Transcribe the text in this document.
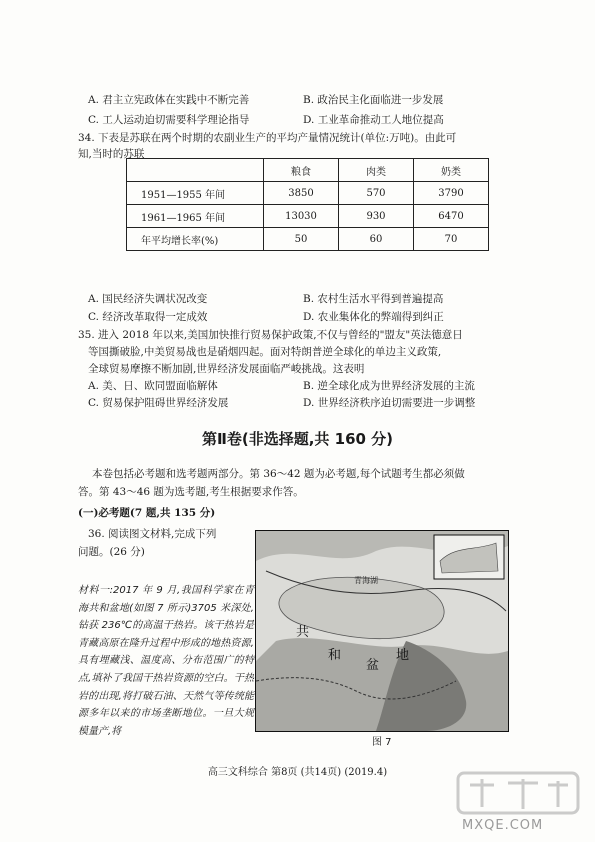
A. 君主立宪政体在实践中不断完善	B. 政治民主化面临进一步发展
C. 工人运动迫切需要科学理论指导	D. 工业革命推动工人地位提高
34. 下表是苏联在两个时期的农副业生产的平均产量情况统计(单位:万吨)。由此可
知,当时的苏联
	粮食	肉类	奶类
1951—1955 年间	3850	570	3790
1961—1965 年间	13030	930	6470
年平均增长率(%)	50	60	70
A. 国民经济失调状况改变	B. 农村生活水平得到普遍提高
C. 经济改革取得一定成效	D. 农业集体化的弊端得到纠正
35. 进入 2018 年以来,美国加快推行贸易保护政策,不仅与曾经的"盟友"英法德意日
等国撕破脸,中美贸易战也是硝烟四起。面对特朗普逆全球化的单边主义政策,
全球贸易摩擦不断加剧,世界经济发展面临严峻挑战。这表明
A. 美、日、欧同盟面临解体	B. 逆全球化成为世界经济发展的主流
C. 贸易保护阻碍世界经济发展	D. 世界经济秩序迫切需要进一步调整
第Ⅱ卷(非选择题,共 160 分)
本卷包括必考题和选考题两部分。第 36～42 题为必考题,每个试题考生都必须做
答。第 43～46 题为选考题,考生根据要求作答。
(一)必考题(7 题,共 135 分)
36. 阅读图文材料,完成下列
问题。(26 分)
材料一:2017 年 9 月,我国科学家在青海共和盆地(如图 7 所示)3705 米深处,钻获 236℃的高温干热岩。该干热岩是青藏高原在隆升过程中形成的地热资源,具有埋藏浅、温度高、分布范围广的特点,填补了我国干热岩资源的空白。干热岩的出现,将打破石油、天然气等传统能源多年以来的市场垄断地位。一旦大规模量产,将
青海湖
共
和
盆
地
图 7
高三文科综合 第8页 (共14页) (2019.4)
MXQE.COM
